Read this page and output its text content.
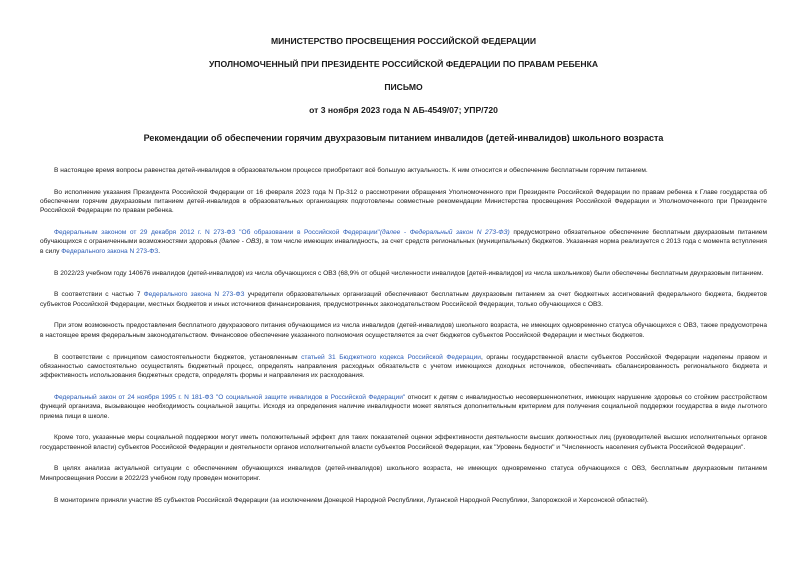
МИНИСТЕРСТВО ПРОСВЕЩЕНИЯ РОССИЙСКОЙ ФЕДЕРАЦИИ
УПОЛНОМОЧЕННЫЙ ПРИ ПРЕЗИДЕНТЕ РОССИЙСКОЙ ФЕДЕРАЦИИ ПО ПРАВАМ РЕБЕНКА
ПИСЬМО
от 3 ноября 2023 года N АБ-4549/07; УПР/720
Рекомендации об обеспечении горячим двухразовым питанием инвалидов (детей-инвалидов) школьного возраста

В настоящее время вопросы равенства детей-инвалидов в образовательном процессе приобретают всё большую актуальность. К ним относится и обеспечение бесплатным горячим питанием.

Во исполнение указания Президента Российской Федерации от 16 февраля 2023 года N Пр-312 о рассмотрении обращения Уполномоченного при Президенте Российской Федерации по правам ребенка к Главе государства об обеспечении горячим двухразовым питанием детей-инвалидов в образовательных организациях подготовлены совместные рекомендации Министерства просвещения Российской Федерации и Уполномоченного при Президенте Российской Федерации по правам ребенка.

Федеральным законом от 29 декабря 2012 г. N 273-ФЗ "Об образовании в Российской Федерации"(далее - Федеральный закон N 273-ФЗ) предусмотрено обязательное обеспечение бесплатным двухразовым питанием обучающихся с ограниченными возможностями здоровья (далее - ОВЗ), в том числе имеющих инвалидность, за счет средств региональных (муниципальных) бюджетов. Указанная норма реализуется с 2013 года с момента вступления в силу Федерального закона N 273-ФЗ.

В 2022/23 учебном году 140676 инвалидов (детей-инвалидов) из числа обучающихся с ОВЗ (68,9% от общей численности инвалидов [детей-инвалидов] из числа школьников) были обеспечены бесплатным двухразовым питанием.

В соответствии с частью 7 Федерального закона N 273-ФЗ учредители образовательных организаций обеспечивают бесплатным двухразовым питанием за счет бюджетных ассигнований федерального бюджета, бюджетов субъектов Российской Федерации, местных бюджетов и иных источников финансирования, предусмотренных законодательством Российской Федерации, только обучающихся с ОВЗ.

При этом возможность предоставления бесплатного двухразового питания обучающимся из числа инвалидов (детей-инвалидов) школьного возраста, не имеющих одновременно статуса обучающихся с ОВЗ, также предусмотрена в настоящее время федеральным законодательством. Финансовое обеспечение указанного полномочия осуществляется за счет бюджетов субъектов Российской Федерации и местных бюджетов.

В соответствии с принципом самостоятельности бюджетов, установленным статьей 31 Бюджетного кодекса Российской Федерации, органы государственной власти субъектов Российской Федерации наделены правом и обязанностью самостоятельно осуществлять бюджетный процесс, определять направления расходных обязательств с учетом имеющихся доходных источников, обеспечивать сбалансированность регионального бюджета и эффективность использования бюджетных средств, определять формы и направления их расходования.

Федеральный закон от 24 ноября 1995 г. N 181-ФЗ "О социальной защите инвалидов в Российской Федерации" относит к детям с инвалидностью несовершеннолетних, имеющих нарушение здоровья со стойким расстройством функций организма, вызывающее необходимость социальной защиты. Исходя из определения наличие инвалидности может являться дополнительным критерием для получения социальной поддержки государства в виде льготного приема пищи в школе.

Кроме того, указанные меры социальной поддержки могут иметь положительный эффект для таких показателей оценки эффективности деятельности высших должностных лиц (руководителей высших исполнительных органов государственной власти) субъектов Российской Федерации и деятельности органов исполнительной власти субъектов Российской Федерации, как "Уровень бедности" и "Численность населения субъекта Российской Федерации".

В целях анализа актуальной ситуации с обеспечением обучающихся инвалидов (детей-инвалидов) школьного возраста, не имеющих одновременно статуса обучающихся с ОВЗ, бесплатным двухразовым питанием Минпросвещения России в 2022/23 учебном году проведен мониторинг.

В мониторинге приняли участие 85 субъектов Российской Федерации (за исключением Донецкой Народной Республики, Луганской Народной Республики, Запорожской и Херсонской областей).
